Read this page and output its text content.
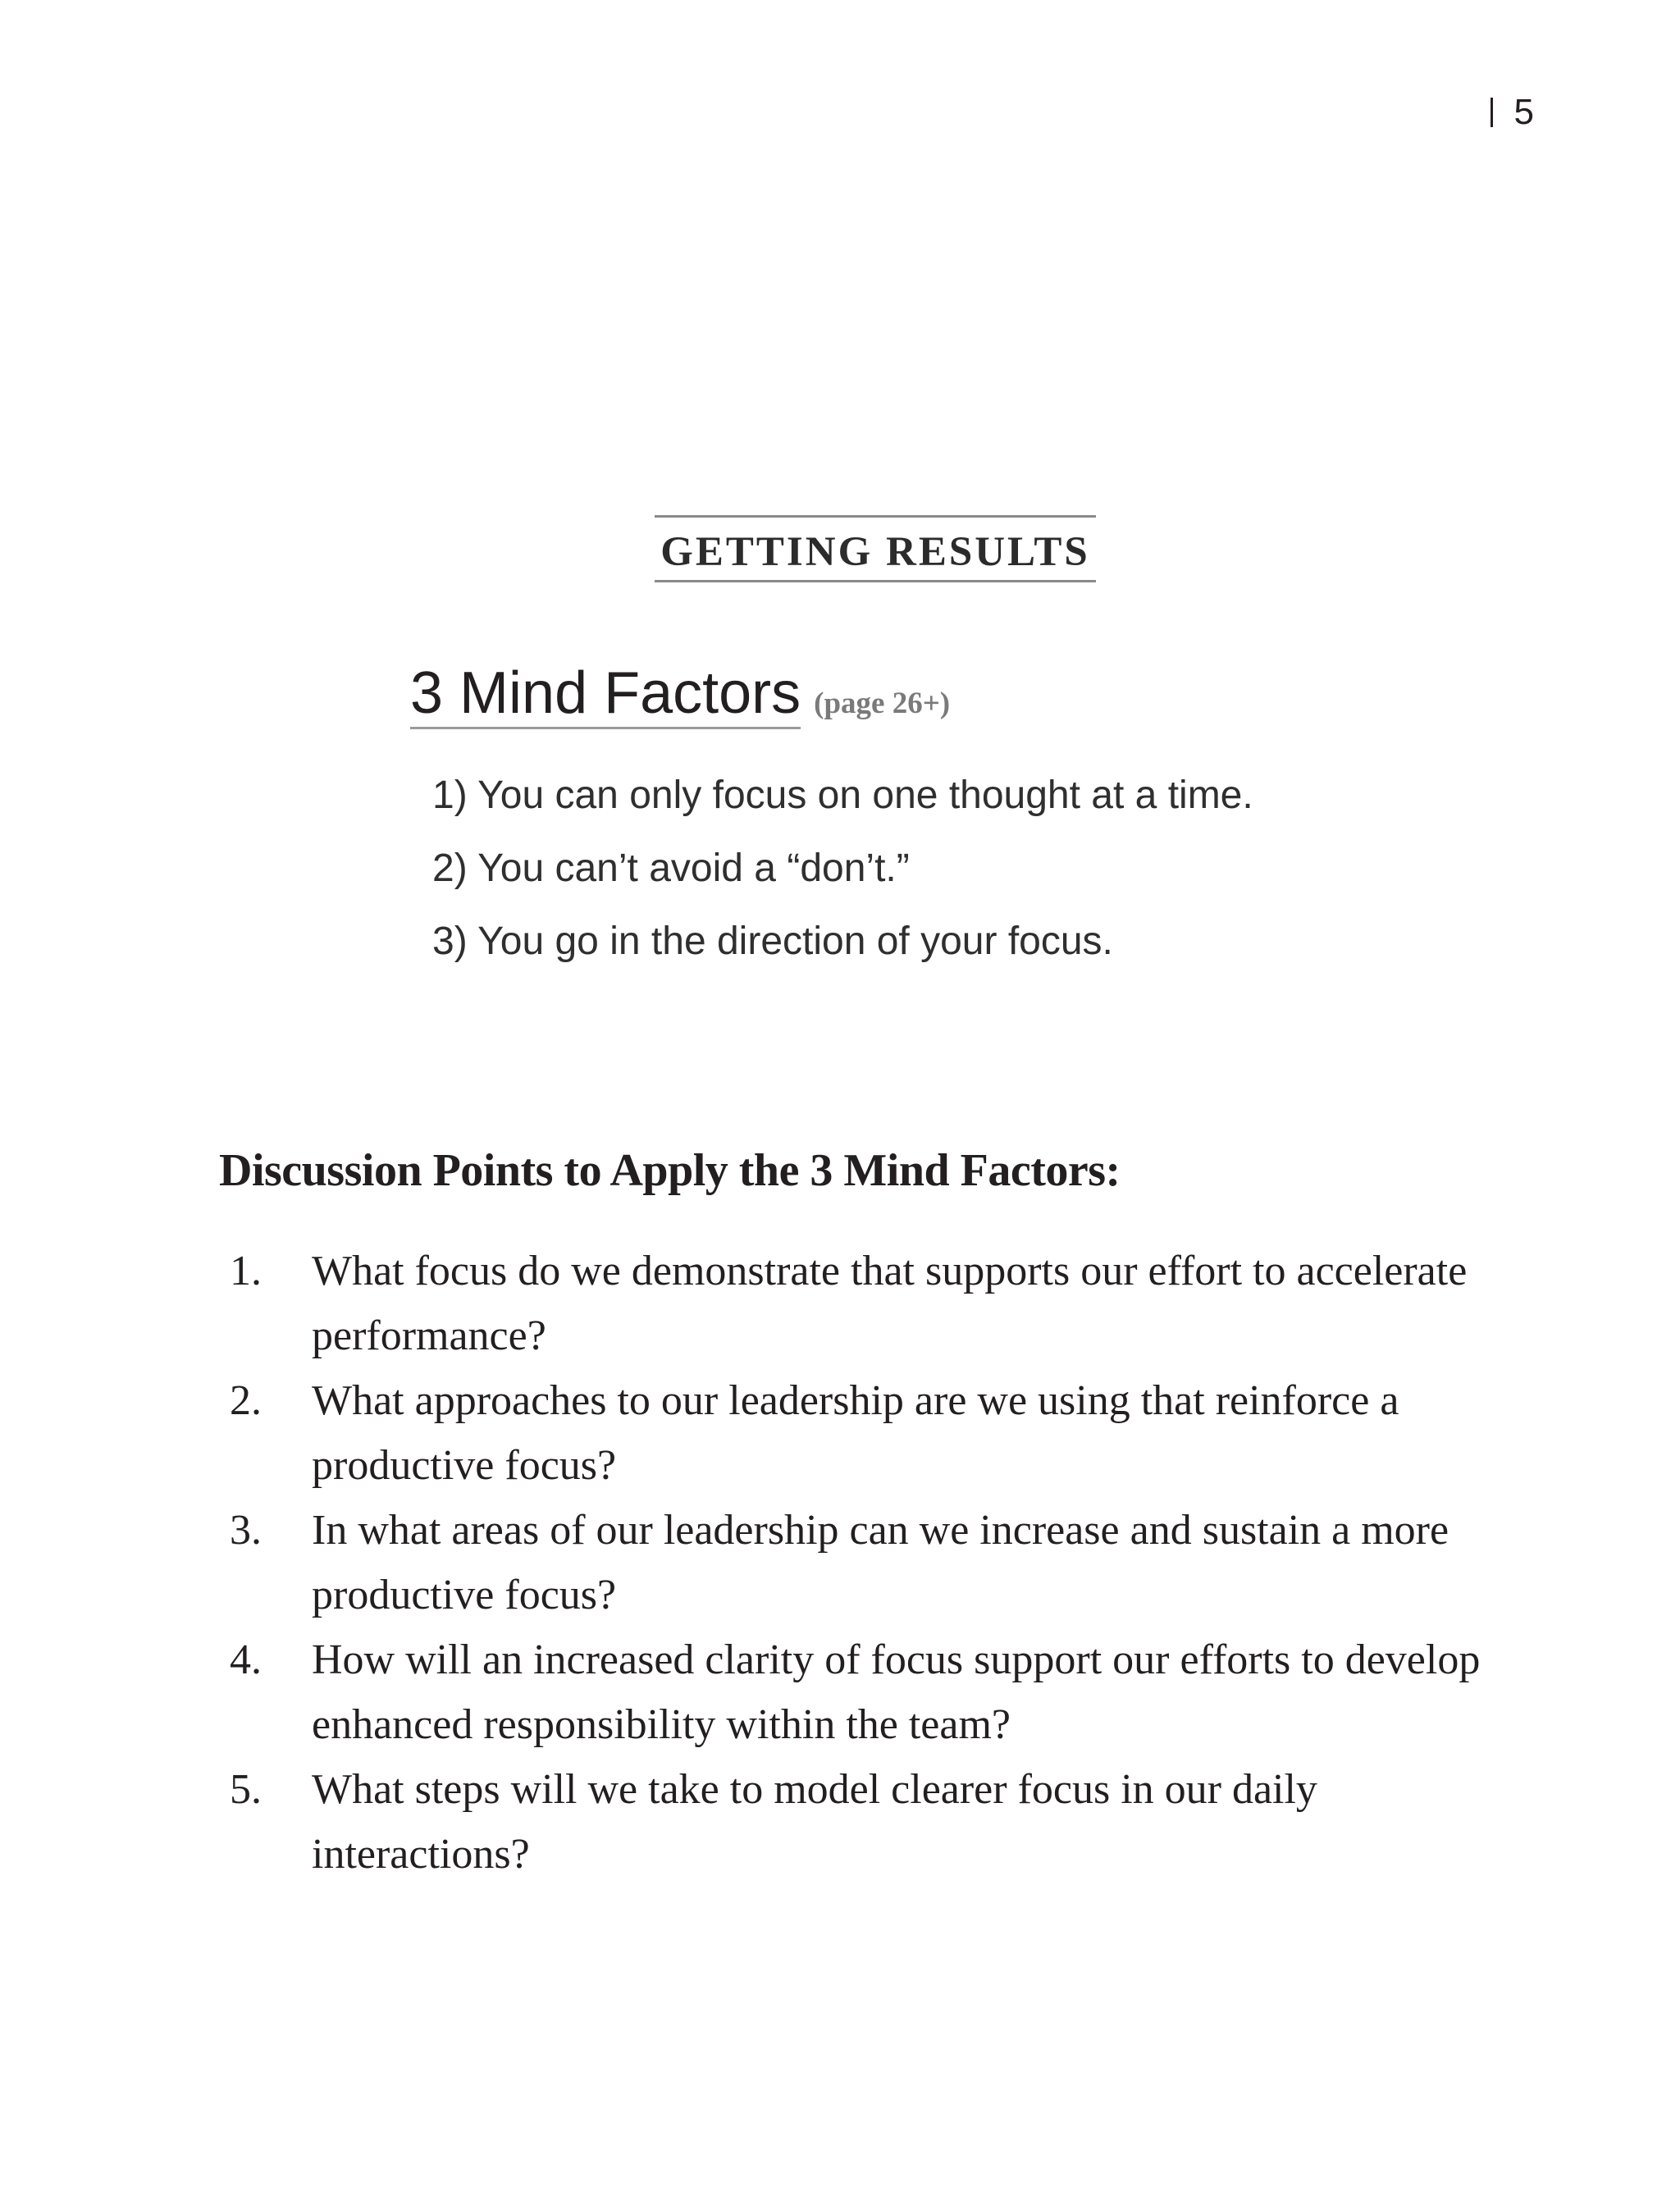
5
GETTING RESULTS
3 Mind Factors (page 26+)
1) You can only focus on one thought at a time.
2) You can’t avoid a “don’t.”
3) You go in the direction of your focus.
Discussion Points to Apply the 3 Mind Factors:
1.	What focus do we demonstrate that supports our effort to accelerate performance?
2.	What approaches to our leadership are we using that reinforce a productive focus?
3.	In what areas of our leadership can we increase and sustain a more productive focus?
4.	How will an increased clarity of focus support our efforts to develop enhanced responsibility within the team?
5.	What steps will we take to model clearer focus in our daily interactions?
